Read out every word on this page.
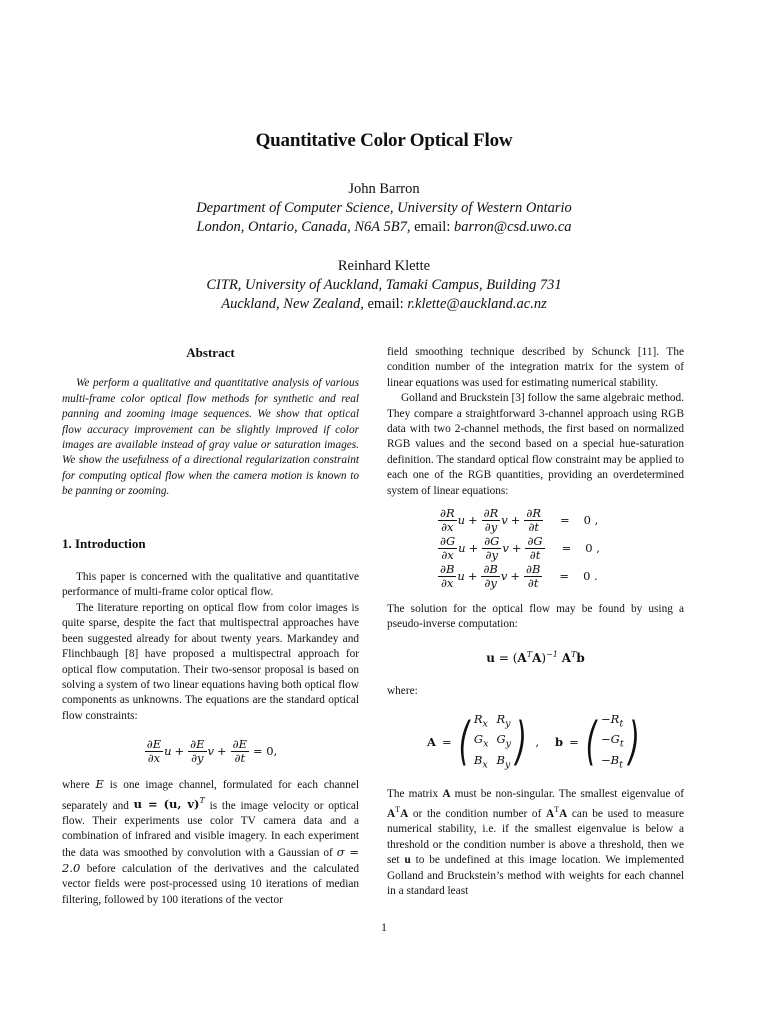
Quantitative Color Optical Flow
John Barron
Department of Computer Science, University of Western Ontario
London, Ontario, Canada, N6A 5B7, email: barron@csd.uwo.ca
Reinhard Klette
CITR, University of Auckland, Tamaki Campus, Building 731
Auckland, New Zealand, email: r.klette@auckland.ac.nz
Abstract

We perform a qualitative and quantitative analysis of various multi-frame color optical flow methods for synthetic and real panning and zooming image sequences. We show that optical flow accuracy improvement can be slightly improved if color images are available instead of gray value or saturation images. We show the usefulness of a directional regularization constraint for computing optical flow when the camera motion is known to be panning or zooming.

1. Introduction

This paper is concerned with the qualitative and quantitative performance of multi-frame color optical flow.

The literature reporting on optical flow from color images is quite sparse, despite the fact that multispectral approaches have been suggested already for about twenty years. Markandey and Flinchbaugh [8] have proposed a multispectral approach for optical flow computation. Their two-sensor proposal is based on solving a system of two linear equations having both optical flow components as unknowns. The equations are the standard optical flow constraints:

$\frac{\partial E}{\partial x}$ $u + \frac{\partial E}{\partial y}$ $v + \frac{\partial E}{\partial t} = 0$,

where E is one image channel, formulated for each channel separately and u = (u, v)$^T$ is the image velocity or optical flow. Their experiments use color TV camera data and a combination of infrared and visible imagery. In each experiment the data was smoothed by convolution with a Gaussian of σ = 2.0 before calculation of the derivatives and the calculated vector fields were post-processed using 10 iterations of median filtering, followed by 100 iterations of the vector

field smoothing technique described by Schunck [11]. The condition number of the integration matrix for the system of linear equations was used for estimating numerical stability.

Golland and Bruckstein [3] follow the same algebraic method. They compare a straightforward 3-channel approach using RGB data with two 2-channel methods, the first based on normalized RGB values and the second based on a special hue-saturation definition. The standard optical flow constraint may be applied to each one of the RGB quantities, providing an overdetermined system of linear equations:

$\frac{\partial R}{\partial x}$ $u + \frac{\partial R}{\partial y}$ $v + \frac{\partial R}{\partial t} = 0$ ,
$\frac{\partial G}{\partial x}$ $u + \frac{\partial G}{\partial y}$ $v + \frac{\partial G}{\partial t} = 0$ ,
$\frac{\partial B}{\partial x}$ $u + \frac{\partial B}{\partial y}$ $v + \frac{\partial B}{\partial t} = 0$ .

The solution for the optical flow may be found by using a pseudo-inverse computation:

$u = (A^TA)^{-1}$ $A^Tb$

where:

A = ( $R_x$ $R_y$
$G_x$ $G_y$
$B_x$ $B_y$ ) , b = ( $-R_t$
$-G_t$
$-B_t$ )

The matrix A must be non-singular. The smallest eigenvalue of $A^TA$ or the condition number of $A^TA$ can be used to measure numerical stability, i.e. if the smallest eigenvalue is below a threshold or the condition number is above a threshold, then we set u to be undefined at this image location. We implemented Golland and Bruckstein’s method with weights for each channel in a standard least

1
